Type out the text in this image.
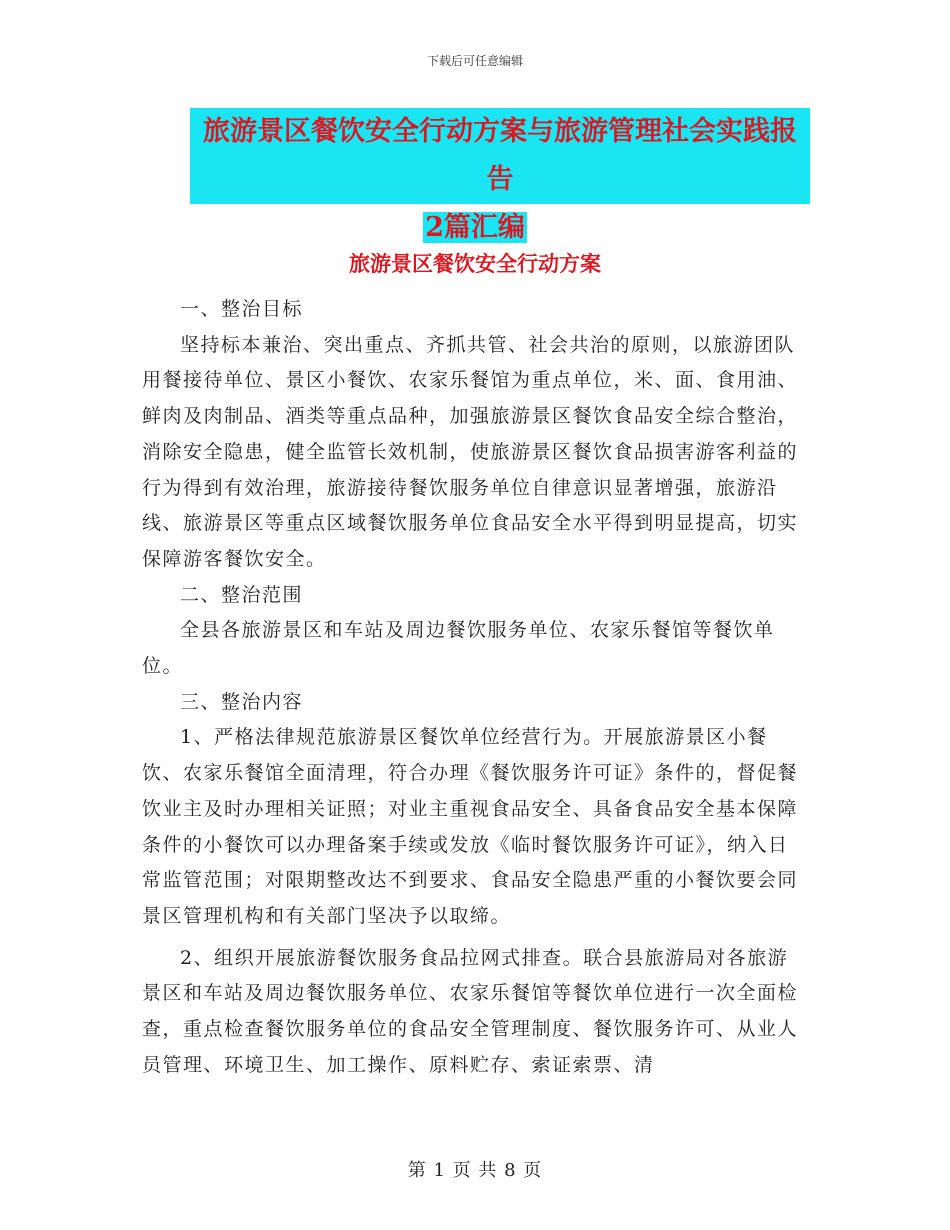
下载后可任意编辑
旅游景区餐饮安全行动方案与旅游管理社会实践报告
2篇汇编
旅游景区餐饮安全行动方案

一、整治目标

坚持标本兼治、突出重点、齐抓共管、社会共治的原则，以旅游团队用餐接待单位、景区小餐饮、农家乐餐馆为重点单位，米、面、食用油、鲜肉及肉制品、酒类等重点品种，加强旅游景区餐饮食品安全综合整治，消除安全隐患，健全监管长效机制，使旅游景区餐饮食品损害游客利益的行为得到有效治理，旅游接待餐饮服务单位自律意识显著增强，旅游沿线、旅游景区等重点区域餐饮服务单位食品安全水平得到明显提高，切实保障游客餐饮安全。

二、整治范围

全县各旅游景区和车站及周边餐饮服务单位、农家乐餐馆等餐饮单位。

三、整治内容

1、严格法律规范旅游景区餐饮单位经营行为。开展旅游景区小餐饮、农家乐餐馆全面清理，符合办理《餐饮服务许可证》条件的，督促餐饮业主及时办理相关证照；对业主重视食品安全、具备食品安全基本保障条件的小餐饮可以办理备案手续或发放《临时餐饮服务许可证》，纳入日常监管范围；对限期整改达不到要求、食品安全隐患严重的小餐饮要会同景区管理机构和有关部门坚决予以取缔。

2、组织开展旅游餐饮服务食品拉网式排查。联合县旅游局对各旅游景区和车站及周边餐饮服务单位、农家乐餐馆等餐饮单位进行一次全面检查，重点检查餐饮服务单位的食品安全管理制度、餐饮服务许可、从业人员管理、环境卫生、加工操作、原料贮存、索证索票、清

第 1 页 共 8 页
